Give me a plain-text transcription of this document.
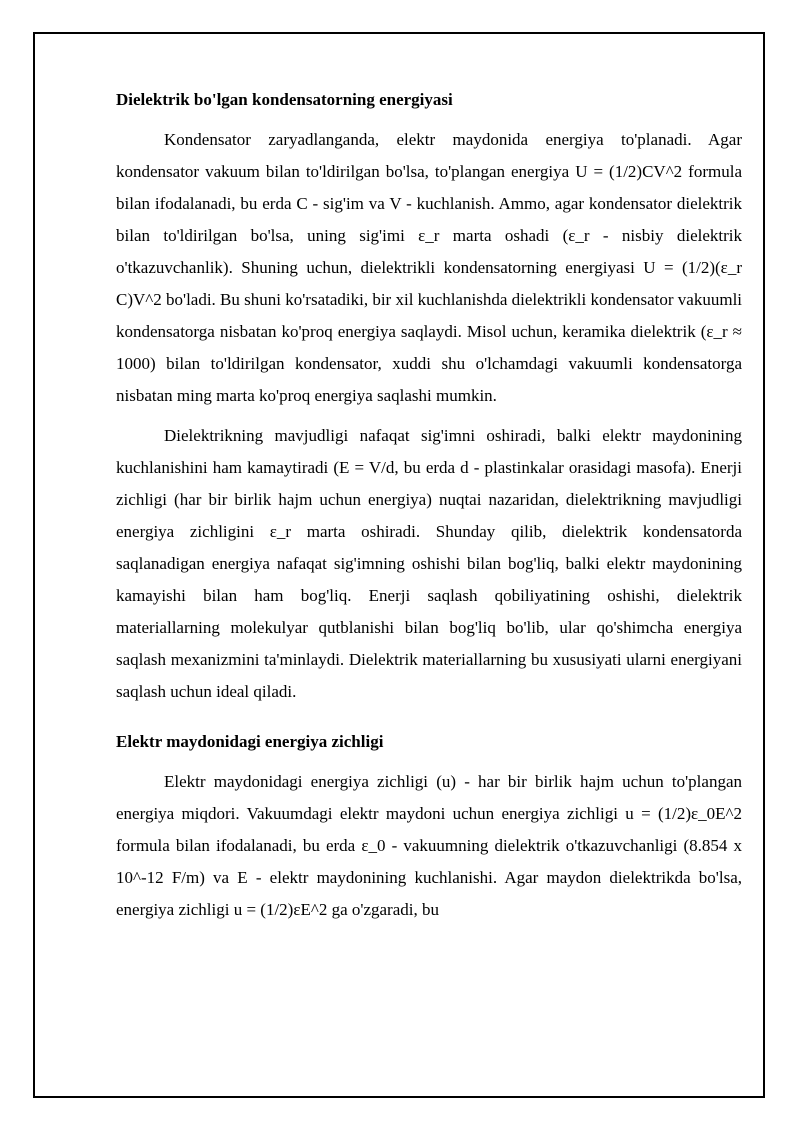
Dielektrik bo'lgan kondensatorning energiyasi

Kondensator zaryadlanganda, elektr maydonida energiya to'planadi. Agar kondensator vakuum bilan to'ldirilgan bo'lsa, to'plangan energiya U = (1/2)CV^2 formula bilan ifodalanadi, bu erda C - sig'im va V - kuchlanish. Ammo, agar kondensator dielektrik bilan to'ldirilgan bo'lsa, uning sig'imi ε_r marta oshadi (ε_r - nisbiy dielektrik o'tkazuvchanlik). Shuning uchun, dielektrikli kondensatorning energiyasi U = (1/2)(ε_r C)V^2 bo'ladi. Bu shuni ko'rsatadiki, bir xil kuchlanishda dielektrikli kondensator vakuumli kondensatorga nisbatan ko'proq energiya saqlaydi. Misol uchun, keramika dielektrik (ε_r ≈ 1000) bilan to'ldirilgan kondensator, xuddi shu o'lchamdagi vakuumli kondensatorga nisbatan ming marta ko'proq energiya saqlashi mumkin.

Dielektrikning mavjudligi nafaqat sig'imni oshiradi, balki elektr maydonining kuchlanishini ham kamaytiradi (E = V/d, bu erda d - plastinkalar orasidagi masofa). Enerji zichligi (har bir birlik hajm uchun energiya) nuqtai nazaridan, dielektrikning mavjudligi energiya zichligini ε_r marta oshiradi. Shunday qilib, dielektrik kondensatorda saqlanadigan energiya nafaqat sig'imning oshishi bilan bog'liq, balki elektr maydonining kamayishi bilan ham bog'liq. Enerji saqlash qobiliyatining oshishi, dielektrik materiallarning molekulyar qutblanishi bilan bog'liq bo'lib, ular qo'shimcha energiya saqlash mexanizmini ta'minlaydi. Dielektrik materiallarning bu xususiyati ularni energiyani saqlash uchun ideal qiladi.

Elektr maydonidagi energiya zichligi

Elektr maydonidagi energiya zichligi (u) - har bir birlik hajm uchun to'plangan energiya miqdori. Vakuumdagi elektr maydoni uchun energiya zichligi u = (1/2)ε_0E^2 formula bilan ifodalanadi, bu erda ε_0 - vakuumning dielektrik o'tkazuvchanligi (8.854 x 10^-12 F/m) va E - elektr maydonining kuchlanishi. Agar maydon dielektrikda bo'lsa, energiya zichligi u = (1/2)εE^2 ga o'zgaradi, bu
